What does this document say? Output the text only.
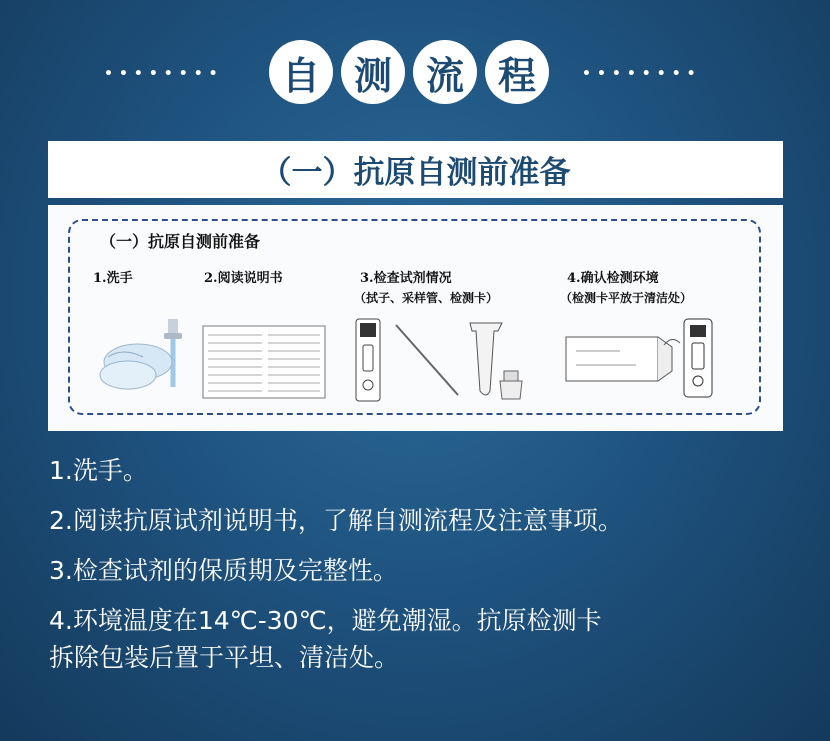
••••••••	自 测 流 程	••••••••
（一）抗原自测前准备
（一）抗原自测前准备
1.洗手	2.阅读说明书	3.检查试剂情况
（拭子、采样管、检测卡）
4.确认检测环境
（检测卡平放于清洁处）

1.洗手。

2.阅读抗原试剂说明书，了解自测流程及注意事项。

3.检查试剂的保质期及完整性。

4.环境温度在14℃-30℃，避免潮湿。抗原检测卡

拆除包装后置于平坦、清洁处。
